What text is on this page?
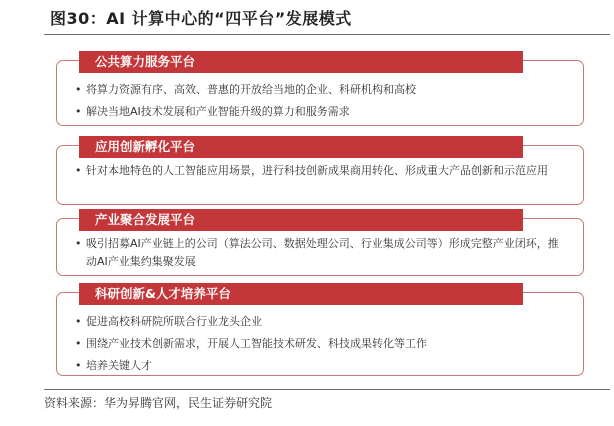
图30：AI 计算中心的“四平台”发展模式
公共算力服务平台
• 将算力资源有序、高效、普惠的开放给当地的企业、科研机构和高校
• 解决当地AI技术发展和产业智能升级的算力和服务需求
应用创新孵化平台
• 针对本地特色的人工智能应用场景，进行科技创新成果商用转化、形成重大产品创新和示范应用
产业聚合发展平台
• 吸引招募AI产业链上的公司（算法公司、数据处理公司、行业集成公司等）形成完整产业闭环，推动AI产业集约集聚发展
科研创新&人才培养平台
• 促进高校科研院所联合行业龙头企业
• 围绕产业技术创新需求，开展人工智能技术研发、科技成果转化等工作
• 培养关键人才
资料来源：华为昇腾官网，民生证券研究院
